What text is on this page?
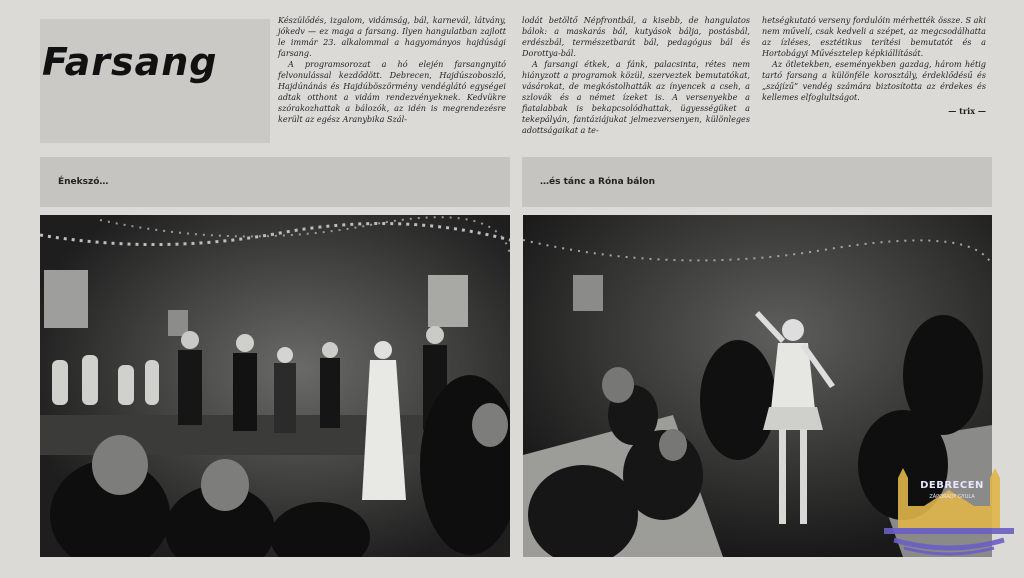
Farsang

Készülődés, izgalom, vidámság, bál, karnevál, látvány, jókedv — ez maga a farsang. Ilyen hangulatban zajlott le immár 23. alkalommal a hagyományos hajdúsági farsang.

A programsorozat a hó elején farsangnyitó felvonulással kezdődött. Debrecen, Hajdúszoboszló, Hajdúnánás és Hajdúböszörmény vendéglátó egységei adtak otthont a vidám rendezvényeknek. Kedvükre szórakozhattak a bálozók, az idén is megrendezésre került az egész Aranybika Szál-

lodát betöltő Népfrontbál, a kisebb, de hangulatos bálok: a maskarás bál, kutyások bálja, postásbál, erdészbál, természetbarát bál, pedagógus bál és Dorottya-bál.

A farsangi étkek, a fánk, palacsinta, rétes nem hiányzott a programok közül, szerveztek bemutatókat, vásárokat, de megkóstolhatták az ínyencek a cseh, a szlovák és a német ízeket is. A versenyekbe a fiatalabbak is bekapcsolódhattak, ügyességüket a tekepályán, fantáziájukat jelmezversenyen, különleges adottságaikat a te-

hetségkutató verseny fordulóin mérhették össze. S aki nem művelí, csak kedveli a szépet, az megcsodálhatta az ízléses, esztétikus terítési bemutatót és a Hortobágyi Művésztelep képkiállítását.

Az ötletekben, eseményekben gazdag, három hétig tartó farsang a különféle korosztály, érdeklődésű és „szájízű” vendég számára biztosította az érdekes és kellemes elfoglultságot.

— trix —
Énekszó…	…és tánc a Róna bálon
DEBRECEN
ZÁPORÁDY GYULA
